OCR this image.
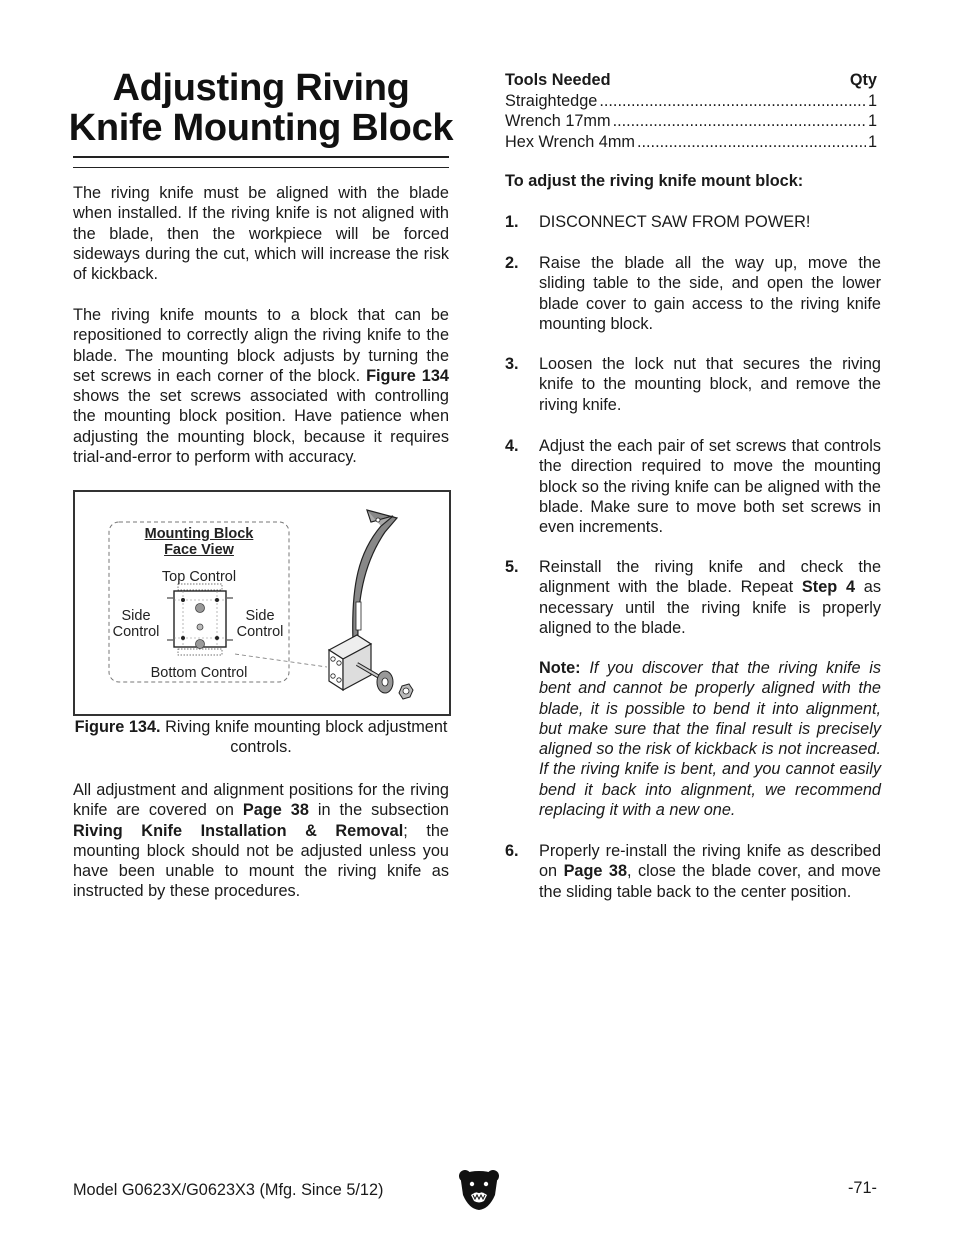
Adjusting Riving
Knife Mounting Block

The riving knife must be aligned with the blade when installed. If the riving knife is not aligned with the blade, then the workpiece will be forced sideways during the cut, which will increase the risk of kickback.

The riving knife mounts to a block that can be repositioned to correctly align the riving knife to the blade. The mounting block adjusts by turning the set screws in each corner of the block. Figure 134 shows the set screws associated with controlling the mounting block position. Have patience when adjusting the mounting block, because it requires trial-and-error to perform with accuracy.

Mounting Block
Face View
Top Control
Side
Control
Side
Control
Bottom Control
Figure 134. Riving knife mounting block adjustment controls.

All adjustment and alignment positions for the riving knife are covered on Page 38 in the subsection Riving Knife Installation & Removal; the mounting block should not be adjusted unless you have been unable to mount the riving knife as instructed by these procedures.

Tools Needed	Qty
Straightedge .....	1
Wrench 17mm .....	1
Hex Wrench 4mm .....	1
To adjust the riving knife mount block:
1. DISCONNECT SAW FROM POWER!
2. Raise the blade all the way up, move the sliding table to the side, and open the lower blade cover to gain access to the riving knife mounting block.
3. Loosen the lock nut that secures the riving knife to the mounting block, and remove the riving knife.
4. Adjust the each pair of set screws that controls the direction required to move the mounting block so the riving knife can be aligned with the blade. Make sure to move both set screws in even increments.
5. Reinstall the riving knife and check the alignment with the blade. Repeat Step 4 as necessary until the riving knife is properly aligned to the blade.
Note: If you discover that the riving knife is bent and cannot be properly aligned with the blade, it is possible to bend it into alignment, but make sure that the final result is precisely aligned so the risk of kickback is not increased. If the riving knife is bent, and you cannot easily bend it back into alignment, we recommend replacing it with a new one.
6. Properly re-install the riving knife as described on Page 38, close the blade cover, and move the sliding table back to the center position.
Model G0623X/G0623X3 (Mfg. Since 5/12)	-71-
